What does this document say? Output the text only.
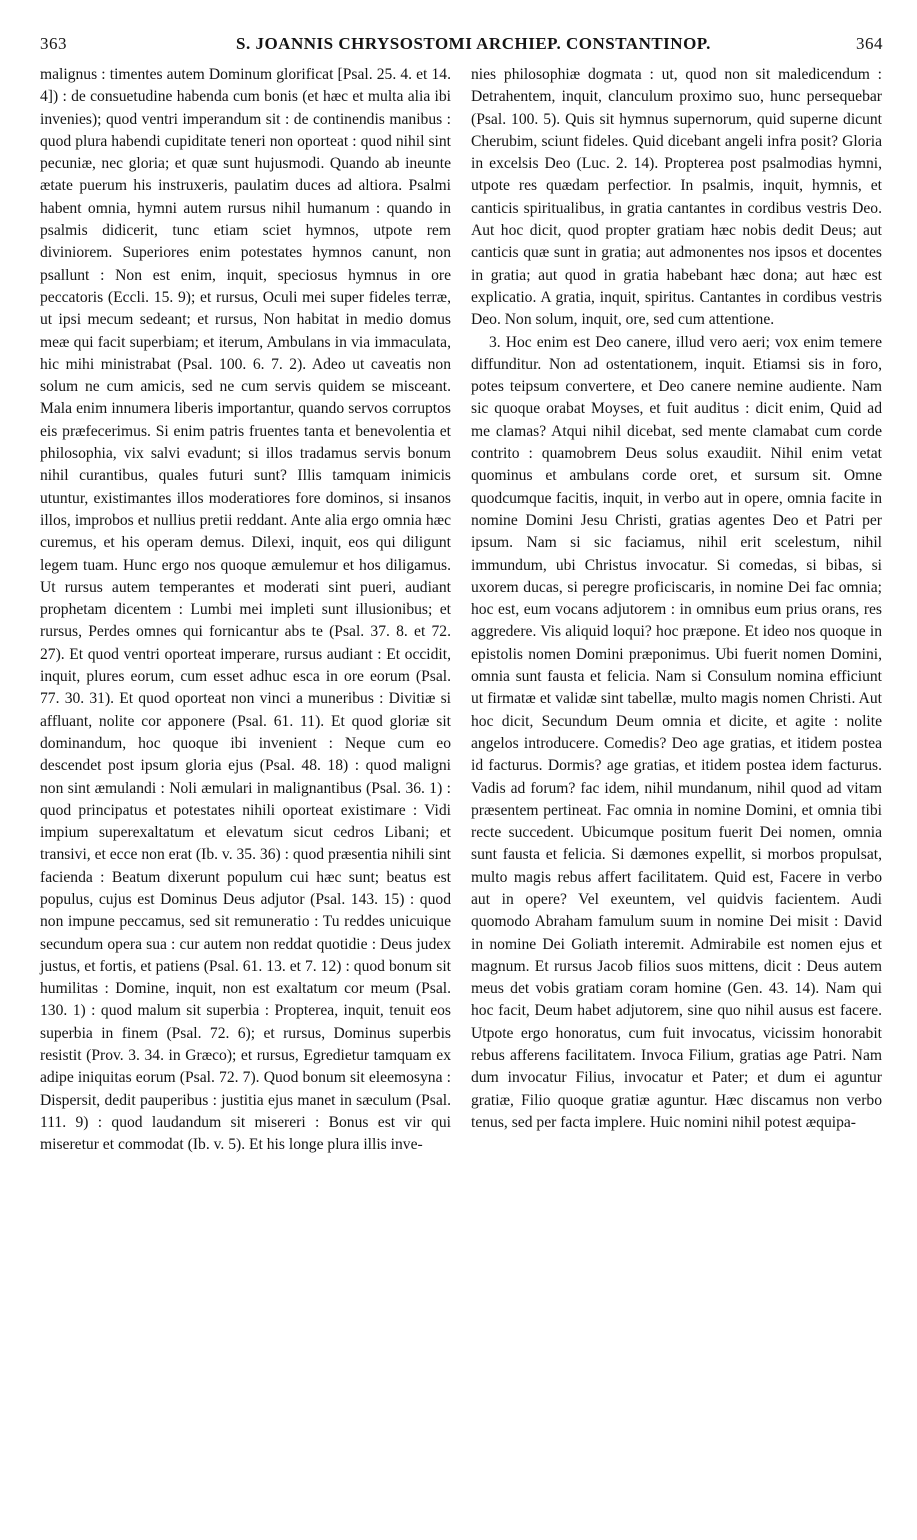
363	S. JOANNIS CHRYSOSTOMI ARCHIEP. CONSTANTINOP.	364

malignus : timentes autem Dominum glorificat [Psal. 25. 4. et 14. 4]) : de consuetudine habenda cum bonis (et hæc et multa alia ibi invenies); quod ventri imperandum sit : de continendis manibus : quod plura habendi cupiditate teneri non oporteat : quod nihil sint pecuniæ, nec gloria; et quæ sunt hujusmodi. Quando ab ineunte ætate puerum his instruxeris, paulatim duces ad altiora. Psalmi habent omnia, hymni autem rursus nihil humanum : quando in psalmis didicerit, tunc etiam sciet hymnos, utpote rem diviniorem. Superiores enim potestates hymnos canunt, non psallunt : Non est enim, inquit, speciosus hymnus in ore peccatoris (Eccli. 15. 9); et rursus, Oculi mei super fideles terræ, ut ipsi mecum sedeant; et rursus, Non habitat in medio domus meæ qui facit superbiam; et iterum, Ambulans in via immaculata, hic mihi ministrabat (Psal. 100. 6. 7. 2). Adeo ut caveatis non solum ne cum amicis, sed ne cum servis quidem se misceant. Mala enim innumera liberis importantur, quando servos corruptos eis præfecerimus. Si enim patris fruentes tanta et benevolentia et philosophia, vix salvi evadunt; si illos tradamus servis bonum nihil curantibus, quales futuri sunt? Illis tamquam inimicis utuntur, existimantes illos moderatiores fore dominos, si insanos illos, improbos et nullius pretii reddant. Ante alia ergo omnia hæc curemus, et his operam demus. Dilexi, inquit, eos qui diligunt legem tuam. Hunc ergo nos quoque æmulemur et hos diligamus. Ut rursus autem temperantes et moderati sint pueri, audiant prophetam dicentem : Lumbi mei impleti sunt illusionibus; et rursus, Perdes omnes qui fornicantur abs te (Psal. 37. 8. et 72. 27). Et quod ventri oporteat imperare, rursus audiant : Et occidit, inquit, plures eorum, cum esset adhuc esca in ore eorum (Psal. 77. 30. 31). Et quod oporteat non vinci a muneribus : Divitiæ si affluant, nolite cor apponere (Psal. 61. 11). Et quod gloriæ sit dominandum, hoc quoque ibi invenient : Neque cum eo descendet post ipsum gloria ejus (Psal. 48. 18) : quod maligni non sint æmulandi : Noli æmulari in malignantibus (Psal. 36. 1) : quod principatus et potestates nihili oporteat existimare : Vidi impium superexaltatum et elevatum sicut cedros Libani; et transivi, et ecce non erat (Ib. v. 35. 36) : quod præsentia nihili sint facienda : Beatum dixerunt populum cui hæc sunt; beatus est populus, cujus est Dominus Deus adjutor (Psal. 143. 15) : quod non impune peccamus, sed sit remuneratio : Tu reddes unicuique secundum opera sua : cur autem non reddat quotidie : Deus judex justus, et fortis, et patiens (Psal. 61. 13. et 7. 12) : quod bonum sit humilitas : Domine, inquit, non est exaltatum cor meum (Psal. 130. 1) : quod malum sit superbia : Propterea, inquit, tenuit eos superbia in finem (Psal. 72. 6); et rursus, Dominus superbis resistit (Prov. 3. 34. in Græco); et rursus, Egredietur tamquam ex adipe iniquitas eorum (Psal. 72. 7). Quod bonum sit eleemosyna : Dispersit, dedit pauperibus : justitia ejus manet in sæculum (Psal. 111. 9) : quod laudandum sit misereri : Bonus est vir qui miseretur et commodat (Ib. v. 5). Et his longe plura illis inve-

nies philosophiæ dogmata : ut, quod non sit maledicendum : Detrahentem, inquit, clanculum proximo suo, hunc persequebar (Psal. 100. 5). Quis sit hymnus supernorum, quid superne dicunt Cherubim, sciunt fideles. Quid dicebant angeli infra posit? Gloria in excelsis Deo (Luc. 2. 14). Propterea post psalmodias hymni, utpote res quædam perfectior. In psalmis, inquit, hymnis, et canticis spiritualibus, in gratia cantantes in cordibus vestris Deo. Aut hoc dicit, quod propter gratiam hæc nobis dedit Deus; aut canticis quæ sunt in gratia; aut admonentes nos ipsos et docentes in gratia; aut quod in gratia habebant hæc dona; aut hæc est explicatio. A gratia, inquit, spiritus. Cantantes in cordibus vestris Deo. Non solum, inquit, ore, sed cum attentione.

3. Hoc enim est Deo canere, illud vero aeri; vox enim temere diffunditur. Non ad ostentationem, inquit. Etiamsi sis in foro, potes teipsum convertere, et Deo canere nemine audiente. Nam sic quoque orabat Moyses, et fuit auditus : dicit enim, Quid ad me clamas? Atqui nihil dicebat, sed mente clamabat cum corde contrito : quamobrem Deus solus exaudiit. Nihil enim vetat quominus et ambulans corde oret, et sursum sit. Omne quodcumque facitis, inquit, in verbo aut in opere, omnia facite in nomine Domini Jesu Christi, gratias agentes Deo et Patri per ipsum. Nam si sic faciamus, nihil erit scelestum, nihil immundum, ubi Christus invocatur. Si comedas, si bibas, si uxorem ducas, si peregre proficiscaris, in nomine Dei fac omnia; hoc est, eum vocans adjutorem : in omnibus eum prius orans, res aggredere. Vis aliquid loqui? hoc præpone. Et ideo nos quoque in epistolis nomen Domini præponimus. Ubi fuerit nomen Domini, omnia sunt fausta et felicia. Nam si Consulum nomina efficiunt ut firmatæ et validæ sint tabellæ, multo magis nomen Christi. Aut hoc dicit, Secundum Deum omnia et dicite, et agite : nolite angelos introducere. Comedis? Deo age gratias, et itidem postea id facturus. Dormis? age gratias, et itidem postea idem facturus. Vadis ad forum? fac idem, nihil mundanum, nihil quod ad vitam præsentem pertineat. Fac omnia in nomine Domini, et omnia tibi recte succedent. Ubicumque positum fuerit Dei nomen, omnia sunt fausta et felicia. Si dæmones expellit, si morbos propulsat, multo magis rebus affert facilitatem. Quid est, Facere in verbo aut in opere? Vel exeuntem, vel quidvis facientem. Audi quomodo Abraham famulum suum in nomine Dei misit : David in nomine Dei Goliath interemit. Admirabile est nomen ejus et magnum. Et rursus Jacob filios suos mittens, dicit : Deus autem meus det vobis gratiam coram homine (Gen. 43. 14). Nam qui hoc facit, Deum habet adjutorem, sine quo nihil ausus est facere. Utpote ergo honoratus, cum fuit invocatus, vicissim honorabit rebus afferens facilitatem. Invoca Filium, gratias age Patri. Nam dum invocatur Filius, invocatur et Pater; et dum ei aguntur gratiæ, Filio quoque gratiæ aguntur. Hæc discamus non verbo tenus, sed per facta implere. Huic nomini nihil potest æquipa-
